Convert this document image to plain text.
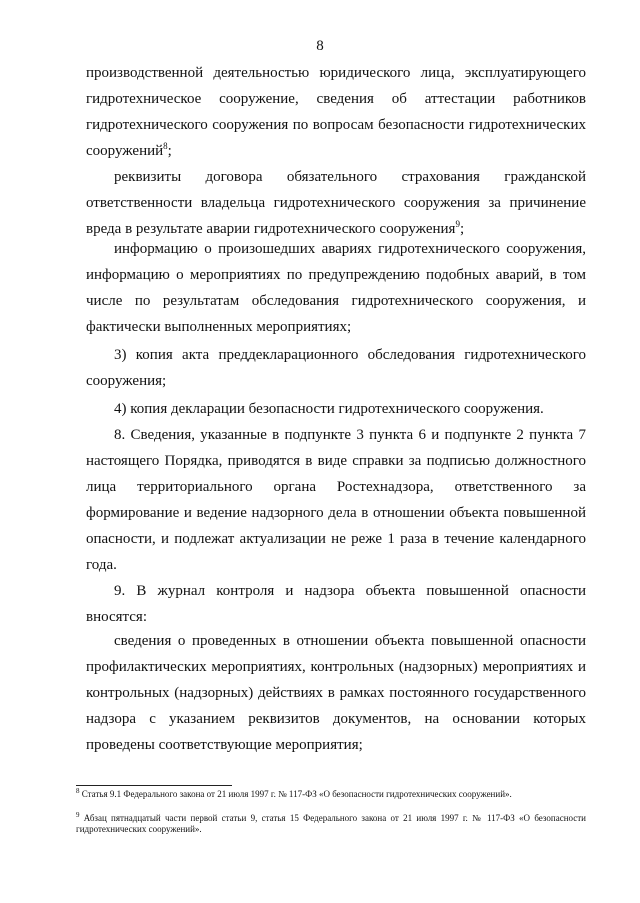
8

производственной деятельностью юридического лица, эксплуатирующего гидротехническое сооружение, сведения об аттестации работников гидротехнического сооружения по вопросам безопасности гидротехнических сооружений$^8$;

реквизиты договора обязательного страхования гражданской ответственности владельца гидротехнического сооружения за причинение вреда в результате аварии гидротехнического сооружения$^9$;

информацию о произошедших авариях гидротехнического сооружения, информацию о мероприятиях по предупреждению подобных аварий, в том числе по результатам обследования гидротехнического сооружения, и фактически выполненных мероприятиях;

3) копия акта преддекларационного обследования гидротехнического сооружения;

4) копия декларации безопасности гидротехнического сооружения.

8. Сведения, указанные в подпункте 3 пункта 6 и подпункте 2 пункта 7 настоящего Порядка, приводятся в виде справки за подписью должностного лица территориального органа Ростехнадзора, ответственного за формирование и ведение надзорного дела в отношении объекта повышенной опасности, и подлежат актуализации не реже 1 раза в течение календарного года.

9. В журнал контроля и надзора объекта повышенной опасности вносятся:

сведения о проведенных в отношении объекта повышенной опасности профилактических мероприятиях, контрольных (надзорных) мероприятиях и контрольных (надзорных) действиях в рамках постоянного государственного надзора с указанием реквизитов документов, на основании которых проведены соответствующие мероприятия;

$^8$ Статья 9.1 Федерального закона от 21 июля 1997 г. № 117-ФЗ «О безопасности гидротехнических сооружений».

$^9$ Абзац пятнадцатый части первой статьи 9, статья 15 Федерального закона от 21 июля 1997 г. № 117-ФЗ «О безопасности гидротехнических сооружений».
